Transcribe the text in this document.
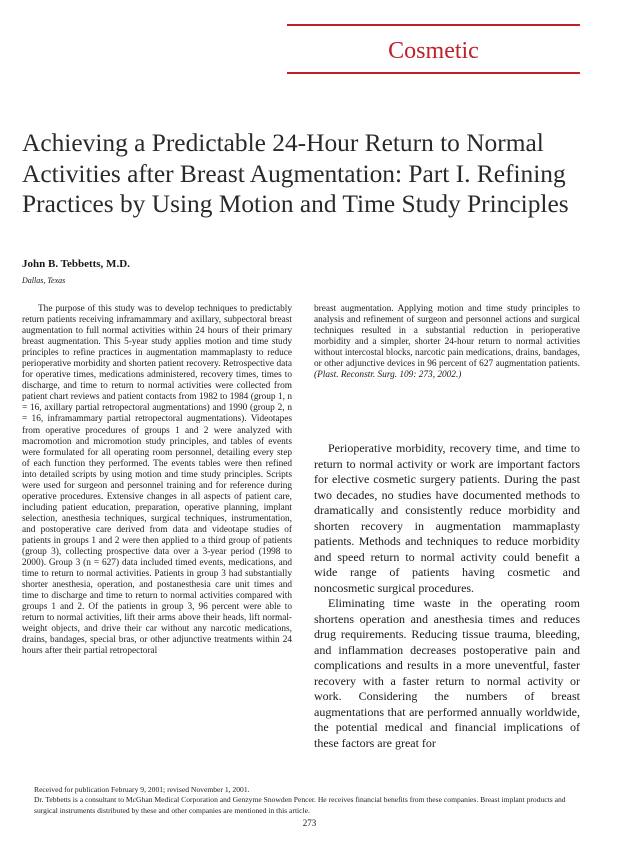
Cosmetic
Achieving a Predictable 24-Hour Return to Normal Activities after Breast Augmentation: Part I. Refining Practices by Using Motion and Time Study Principles
John B. Tebbetts, M.D.
Dallas, Texas

The purpose of this study was to develop techniques to predictably return patients receiving inframammary and axillary, subpectoral breast augmentation to full normal activities within 24 hours of their primary breast augmentation. This 5-year study applies motion and time study principles to refine practices in augmentation mammaplasty to reduce perioperative morbidity and shorten patient recovery. Retrospective data for operative times, medications administered, recovery times, times to discharge, and time to return to normal activities were collected from patient chart reviews and patient contacts from 1982 to 1984 (group 1, n = 16, axillary partial retropectoral augmentations) and 1990 (group 2, n = 16, inframammary partial retropectoral augmentations). Videotapes from operative procedures of groups 1 and 2 were analyzed with macromotion and micromotion study principles, and tables of events were formulated for all operating room personnel, detailing every step of each function they performed. The events tables were then refined into detailed scripts by using motion and time study principles. Scripts were used for surgeon and personnel training and for reference during operative procedures. Extensive changes in all aspects of patient care, including patient education, preparation, operative planning, implant selection, anesthesia techniques, surgical techniques, instrumentation, and postoperative care derived from data and videotape studies of patients in groups 1 and 2 were then applied to a third group of patients (group 3), collecting prospective data over a 3-year period (1998 to 2000). Group 3 (n = 627) data included timed events, medications, and time to return to normal activities. Patients in group 3 had substantially shorter anesthesia, operation, and postanesthesia care unit times and time to discharge and time to return to normal activities compared with groups 1 and 2. Of the patients in group 3, 96 percent were able to return to normal activities, lift their arms above their heads, lift normal-weight objects, and drive their car without any narcotic medications, drains, bandages, special bras, or other adjunctive treatments within 24 hours after their partial retropectoral

breast augmentation. Applying motion and time study principles to analysis and refinement of surgeon and personnel actions and surgical techniques resulted in a substantial reduction in perioperative morbidity and a simpler, shorter 24-hour return to normal activities without intercostal blocks, narcotic pain medications, drains, bandages, or other adjunctive devices in 96 percent of 627 augmentation patients. (Plast. Reconstr. Surg. 109: 273, 2002.)

Perioperative morbidity, recovery time, and time to return to normal activity or work are important factors for elective cosmetic surgery patients. During the past two decades, no studies have documented methods to dramatically and consistently reduce morbidity and shorten recovery in augmentation mammaplasty patients. Methods and techniques to reduce morbidity and speed return to normal activity could benefit a wide range of patients having cosmetic and noncosmetic surgical procedures.

Eliminating time waste in the operating room shortens operation and anesthesia times and reduces drug requirements. Reducing tissue trauma, bleeding, and inflammation decreases postoperative pain and complications and results in a more uneventful, faster recovery with a faster return to normal activity or work. Considering the numbers of breast augmentations that are performed annually worldwide, the potential medical and financial implications of these factors are great for

Received for publication February 9, 2001; revised November 1, 2001.

Dr. Tebbetts is a consultant to McGhan Medical Corporation and Genzyme Snowden Pencer. He receives financial benefits from these companies. Breast implant products and surgical instruments distributed by these and other companies are mentioned in this article.

273
